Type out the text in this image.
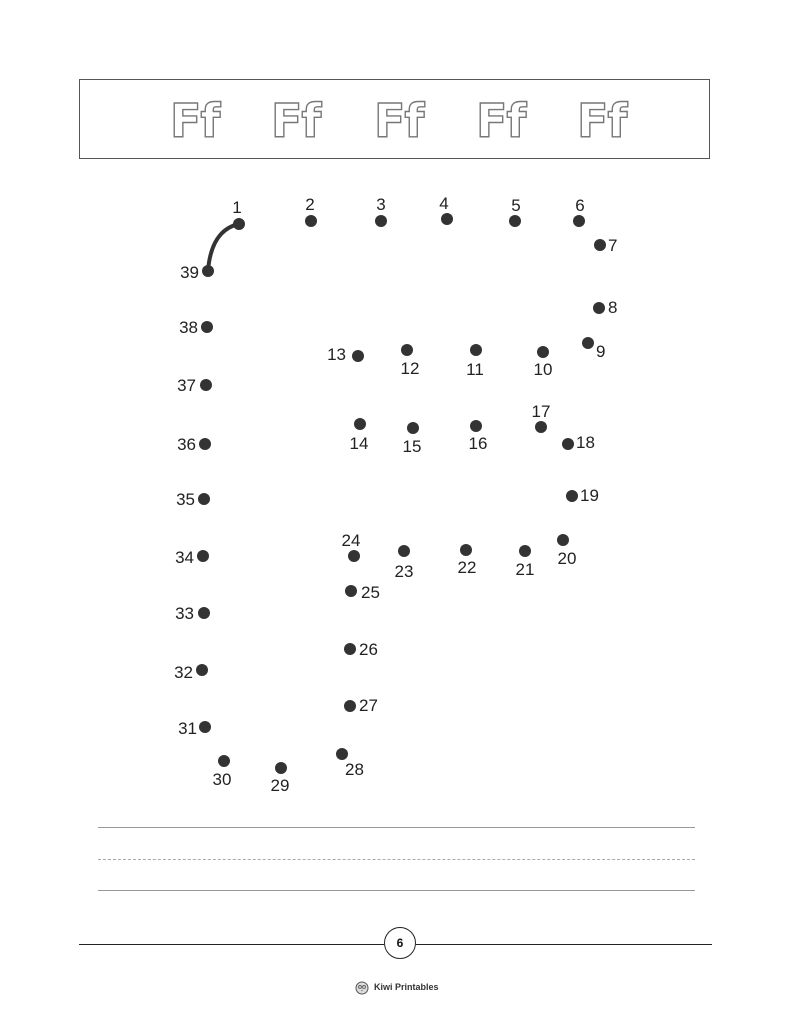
Ff Ff Ff Ff Ff
1	2	3	4	5	6
7
8
9
10
11
12
13
14 15	16
17
18
19
20
21
22
23
24
25
26
27
28
29
30
31
32
33
34
35
36
37
38
39
6
Kiwi Printables
